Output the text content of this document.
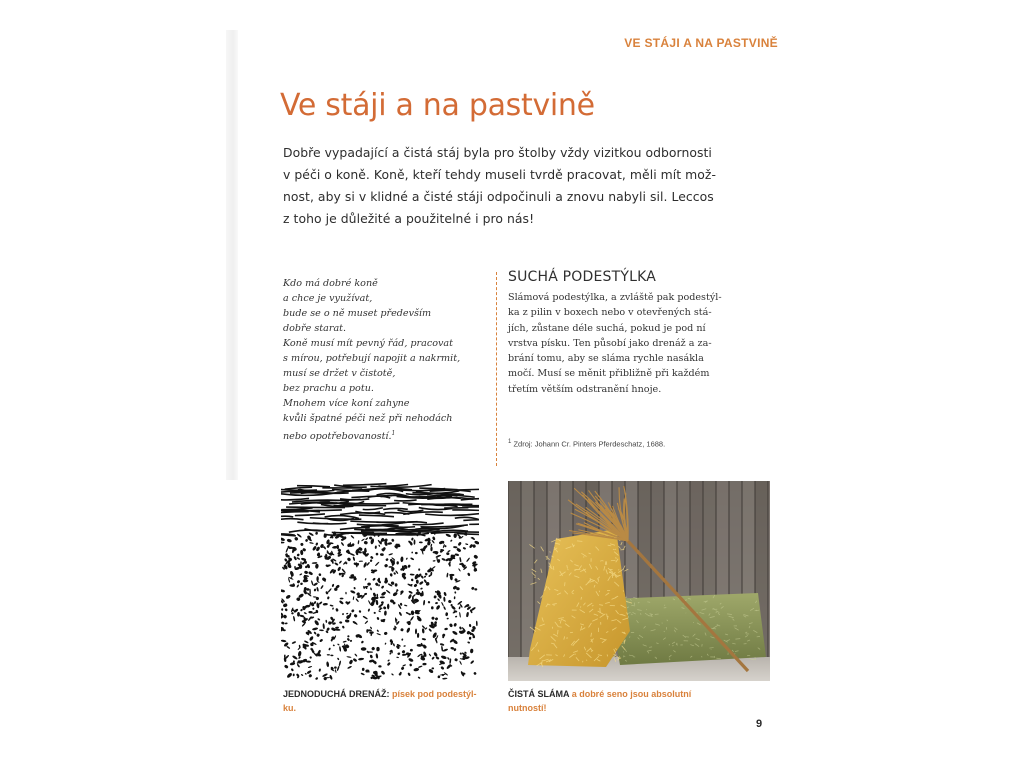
VE STÁJI A NA PASTVINĚ
Ve stáji a na pastvině

Dobře vypadající a čistá stáj byla pro štolby vždy vizitkou odbornosti v péči o koně. Koně, kteří tehdy museli tvrdě pracovat, měli mít mož-nost, aby si v klidné a čisté stáji odpočinuli a znovu nabyli sil. Leccos z toho je důležité a použitelné i pro nás!

Kdo má dobré koně
a chce je využívat,
bude se o ně muset především
dobře starat.
Koně musí mít pevný řád, pracovat
s mírou, potřebují napojit a nakrmit,
musí se držet v čistotě,
bez prachu a potu.
Mnohem více koní zahyne
kvůli špatné péči než při nehodách
nebo opotřebovaností.$^1$
SUCHÁ PODESTÝLKA
Slámová podestýlka, a zvláště pak podestýl-
ka z pilin v boxech nebo v otevřených stá-
jích, zůstane déle suchá, pokud je pod ní
vrstva písku. Ten působí jako drenáž a za-
brání tomu, aby se sláma rychle nasákla
močí. Musí se měnit přibližně při každém
třetím větším odstranění hnoje.
$^1$ Zdroj: Johann Cr. Pinters Pferdeschatz, 1688.
JEDNODUCHÁ DRENÁŽ: písek pod podestýl-ku.
ČISTÁ SLÁMA a dobré seno jsou absolutní nutností!
9
